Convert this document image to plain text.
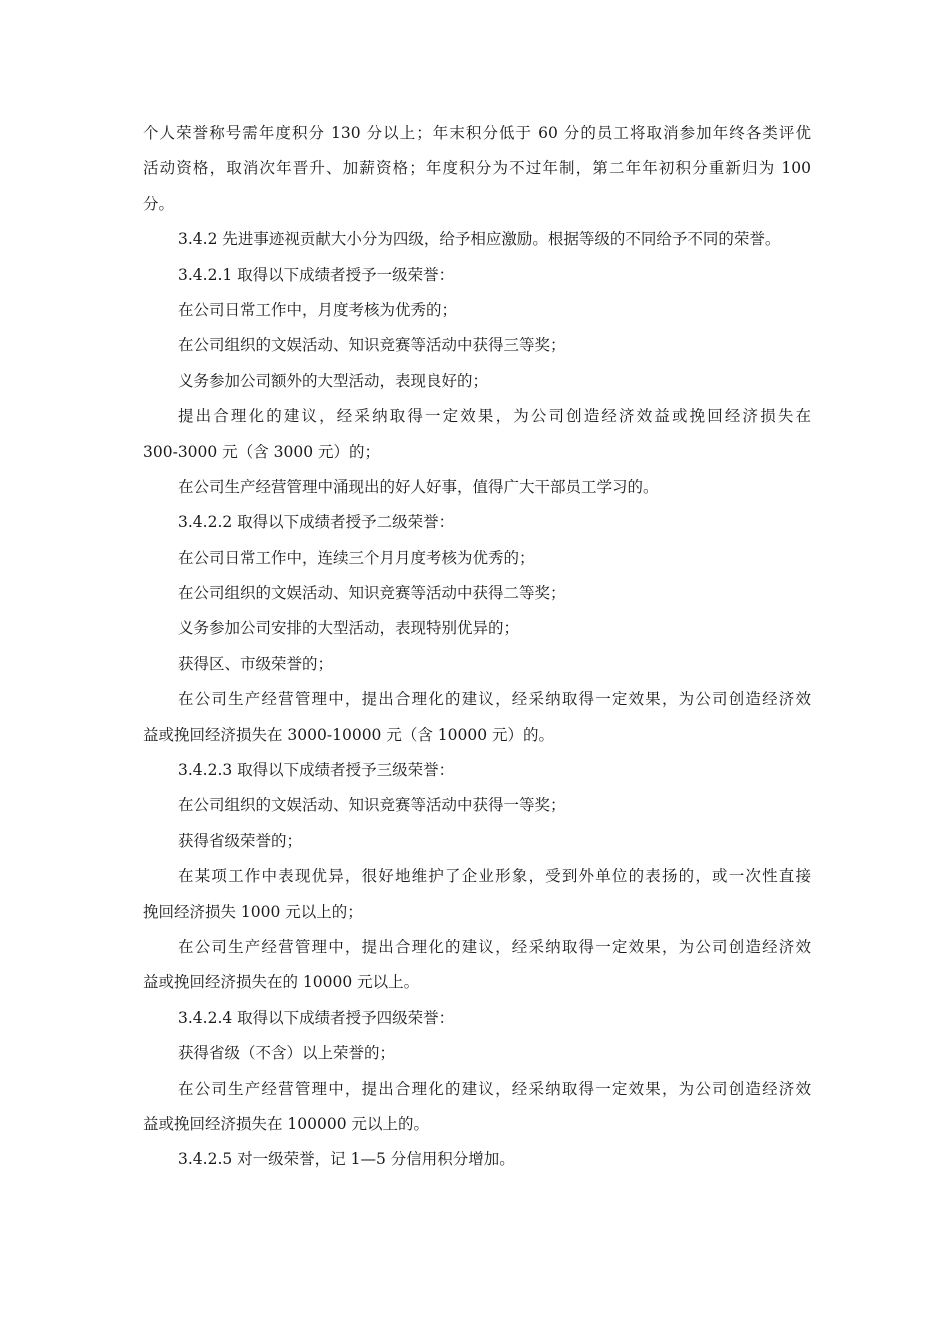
个人荣誉称号需年度积分 130 分以上；年末积分低于 60 分的员工将取消参加年终各类评优
活动资格，取消次年晋升、加薪资格；年度积分为不过年制，第二年年初积分重新归为 100
分。
3.4.2 先进事迹视贡献大小分为四级，给予相应激励。根据等级的不同给予不同的荣誉。
3.4.2.1 取得以下成绩者授予一级荣誉：
在公司日常工作中，月度考核为优秀的；
在公司组织的文娱活动、知识竞赛等活动中获得三等奖；
义务参加公司额外的大型活动，表现良好的；
提出合理化的建议，经采纳取得一定效果，为公司创造经济效益或挽回经济损失在
300-3000 元（含 3000 元）的；
在公司生产经营管理中涌现出的好人好事，值得广大干部员工学习的。
3.4.2.2 取得以下成绩者授予二级荣誉：
在公司日常工作中，连续三个月月度考核为优秀的；
在公司组织的文娱活动、知识竞赛等活动中获得二等奖；
义务参加公司安排的大型活动，表现特别优异的；
获得区、市级荣誉的；
在公司生产经营管理中，提出合理化的建议，经采纳取得一定效果，为公司创造经济效
益或挽回经济损失在 3000-10000 元（含 10000 元）的。
3.4.2.3 取得以下成绩者授予三级荣誉：
在公司组织的文娱活动、知识竞赛等活动中获得一等奖；
获得省级荣誉的；
在某项工作中表现优异，很好地维护了企业形象，受到外单位的表扬的，或一次性直接
挽回经济损失 1000 元以上的；
在公司生产经营管理中，提出合理化的建议，经采纳取得一定效果，为公司创造经济效
益或挽回经济损失在的 10000 元以上。
3.4.2.4 取得以下成绩者授予四级荣誉：
获得省级（不含）以上荣誉的；
在公司生产经营管理中，提出合理化的建议，经采纳取得一定效果，为公司创造经济效
益或挽回经济损失在 100000 元以上的。
3.4.2.5 对一级荣誉，记 1—5 分信用积分增加。
